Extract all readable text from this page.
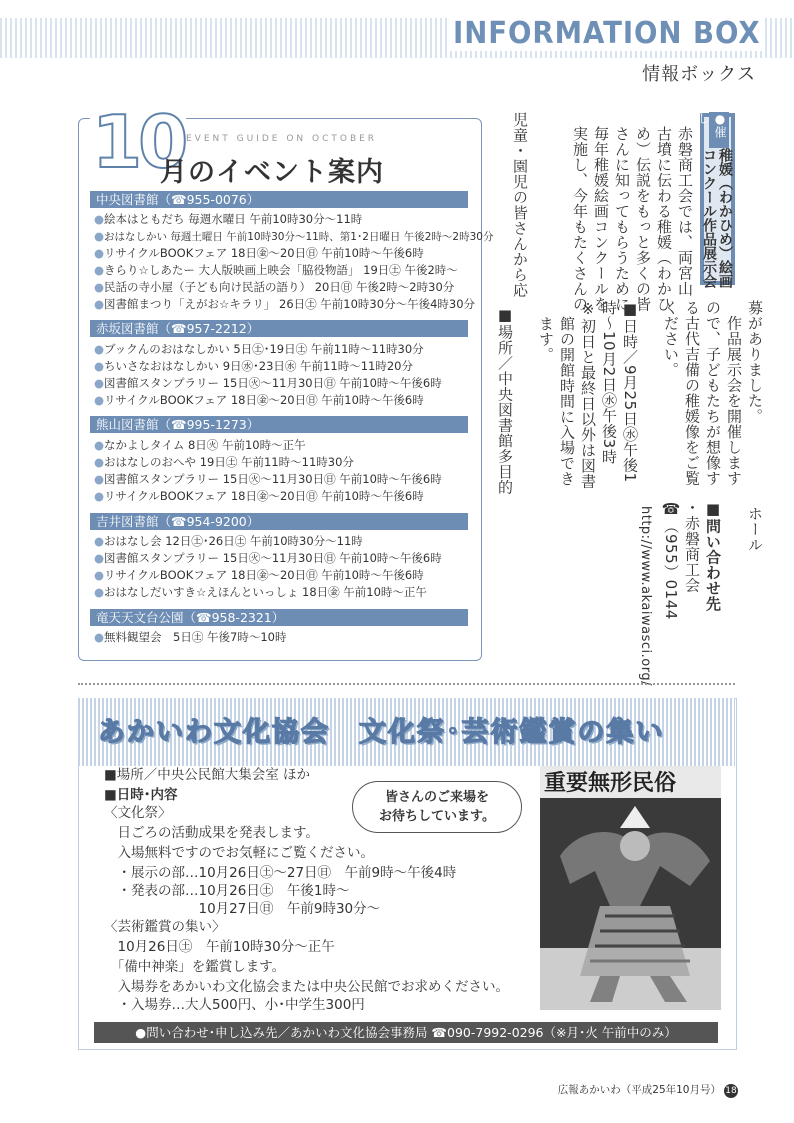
INFORMATION BOX
情報ボックス
10 EVENT GUIDE ON OCTOBER
月のイベント案内
中央図書館（☎955-0076）
●絵本はともだち 毎週水曜日 午前10時30分～11時
●おはなしかい 毎週土曜日 午前10時30分～11時、第1･2日曜日 午後2時～2時30分
●リサイクルBOOKフェア 18日㊎～20日㊐ 午前10時～午後6時
●きらり☆しあたー 大人版映画上映会「脇役物語」 19日㊏ 午後2時～
●民話の寺小屋（子ども向け民話の語り） 20日㊐ 午後2時～2時30分
●図書館まつり「えがお☆キラリ」 26日㊏ 午前10時30分～午後4時30分
赤坂図書館（☎957-2212）
●ブックんのおはなしかい 5日㊏･19日㊏ 午前11時～11時30分
●ちいさなおはなしかい 9日㊌･23日㊌ 午前11時～11時20分
●図書館スタンプラリー 15日㊋～11月30日㊐ 午前10時～午後6時
●リサイクルBOOKフェア 18日㊎～20日㊐ 午前10時～午後6時
熊山図書館（☎995-1273）
●なかよしタイム 8日㊋ 午前10時～正午
●おはなしのおへや 19日㊏ 午前11時～11時30分
●図書館スタンプラリー 15日㊋～11月30日㊐ 午前10時～午後6時
●リサイクルBOOKフェア 18日㊎～20日㊐ 午前10時～午後6時
吉井図書館（☎954-9200）
●おはなし会 12日㊏･26日㊏ 午前10時30分～11時
●図書館スタンプラリー 15日㊋～11月30日㊐ 午前10時～午後6時
●リサイクルBOOKフェア 18日㊎～20日㊐ 午前10時～午後6時
●おはなしだいすき☆えほんといっしょ 18日㊎ 午前10時～正午
竜天天文台公園（☎958-2321）
●無料観望会　5日㊏ 午後7時～10時
●催し
稚媛（わかひめ）絵画
コンクール作品展示会
赤磐商工会では、両宮山
古墳に伝わる稚媛（わかひ
め）伝説をもっと多くの皆
さんに知ってもらうために、
毎年稚媛絵画コンクールを
実施し、今年もたくさんの
児童・園児の皆さんから応
募がありました。
　作品展示会を開催します
ので、子どもたちが想像す
る古代吉備の稚媛像をご覧
ください。
■日時／9月25日㊌午後1
時～10月2日㊌午後3時
※初日と最終日以外は図書
館の開館時間に入場でき
ます。
■場所／中央図書館多目的
ホール
■問い合わせ先
・赤磐商工会
☎（955）0144
http://www.akaiwasci.org/
あかいわ文化協会　文化祭･芸術鑑賞の集い
■場所／中央公民館大集会室 ほか
■日時･内容
〈文化祭〉
　日ごろの活動成果を発表します。
　入場無料ですのでお気軽にご覧ください。
　・展示の部…10月26日㊏～27日㊐　午前9時～午後4時
　・発表の部…10月26日㊏　午後1時～
　　　　　　　10月27日㊐　午前9時30分～
〈芸術鑑賞の集い〉
　10月26日㊏　午前10時30分～正午
　「備中神楽」を鑑賞します。
　入場券をあかいわ文化協会または中央公民館でお求めください。
　・入場券…大人500円、小･中学生300円
皆さんのご来場を
お待ちしています。
重要無形民俗
●問い合わせ･申し込み先／あかいわ文化協会事務局 ☎090-7992-0296（※月･火 午前中のみ）
広報あかいわ（平成25年10月号） 18
